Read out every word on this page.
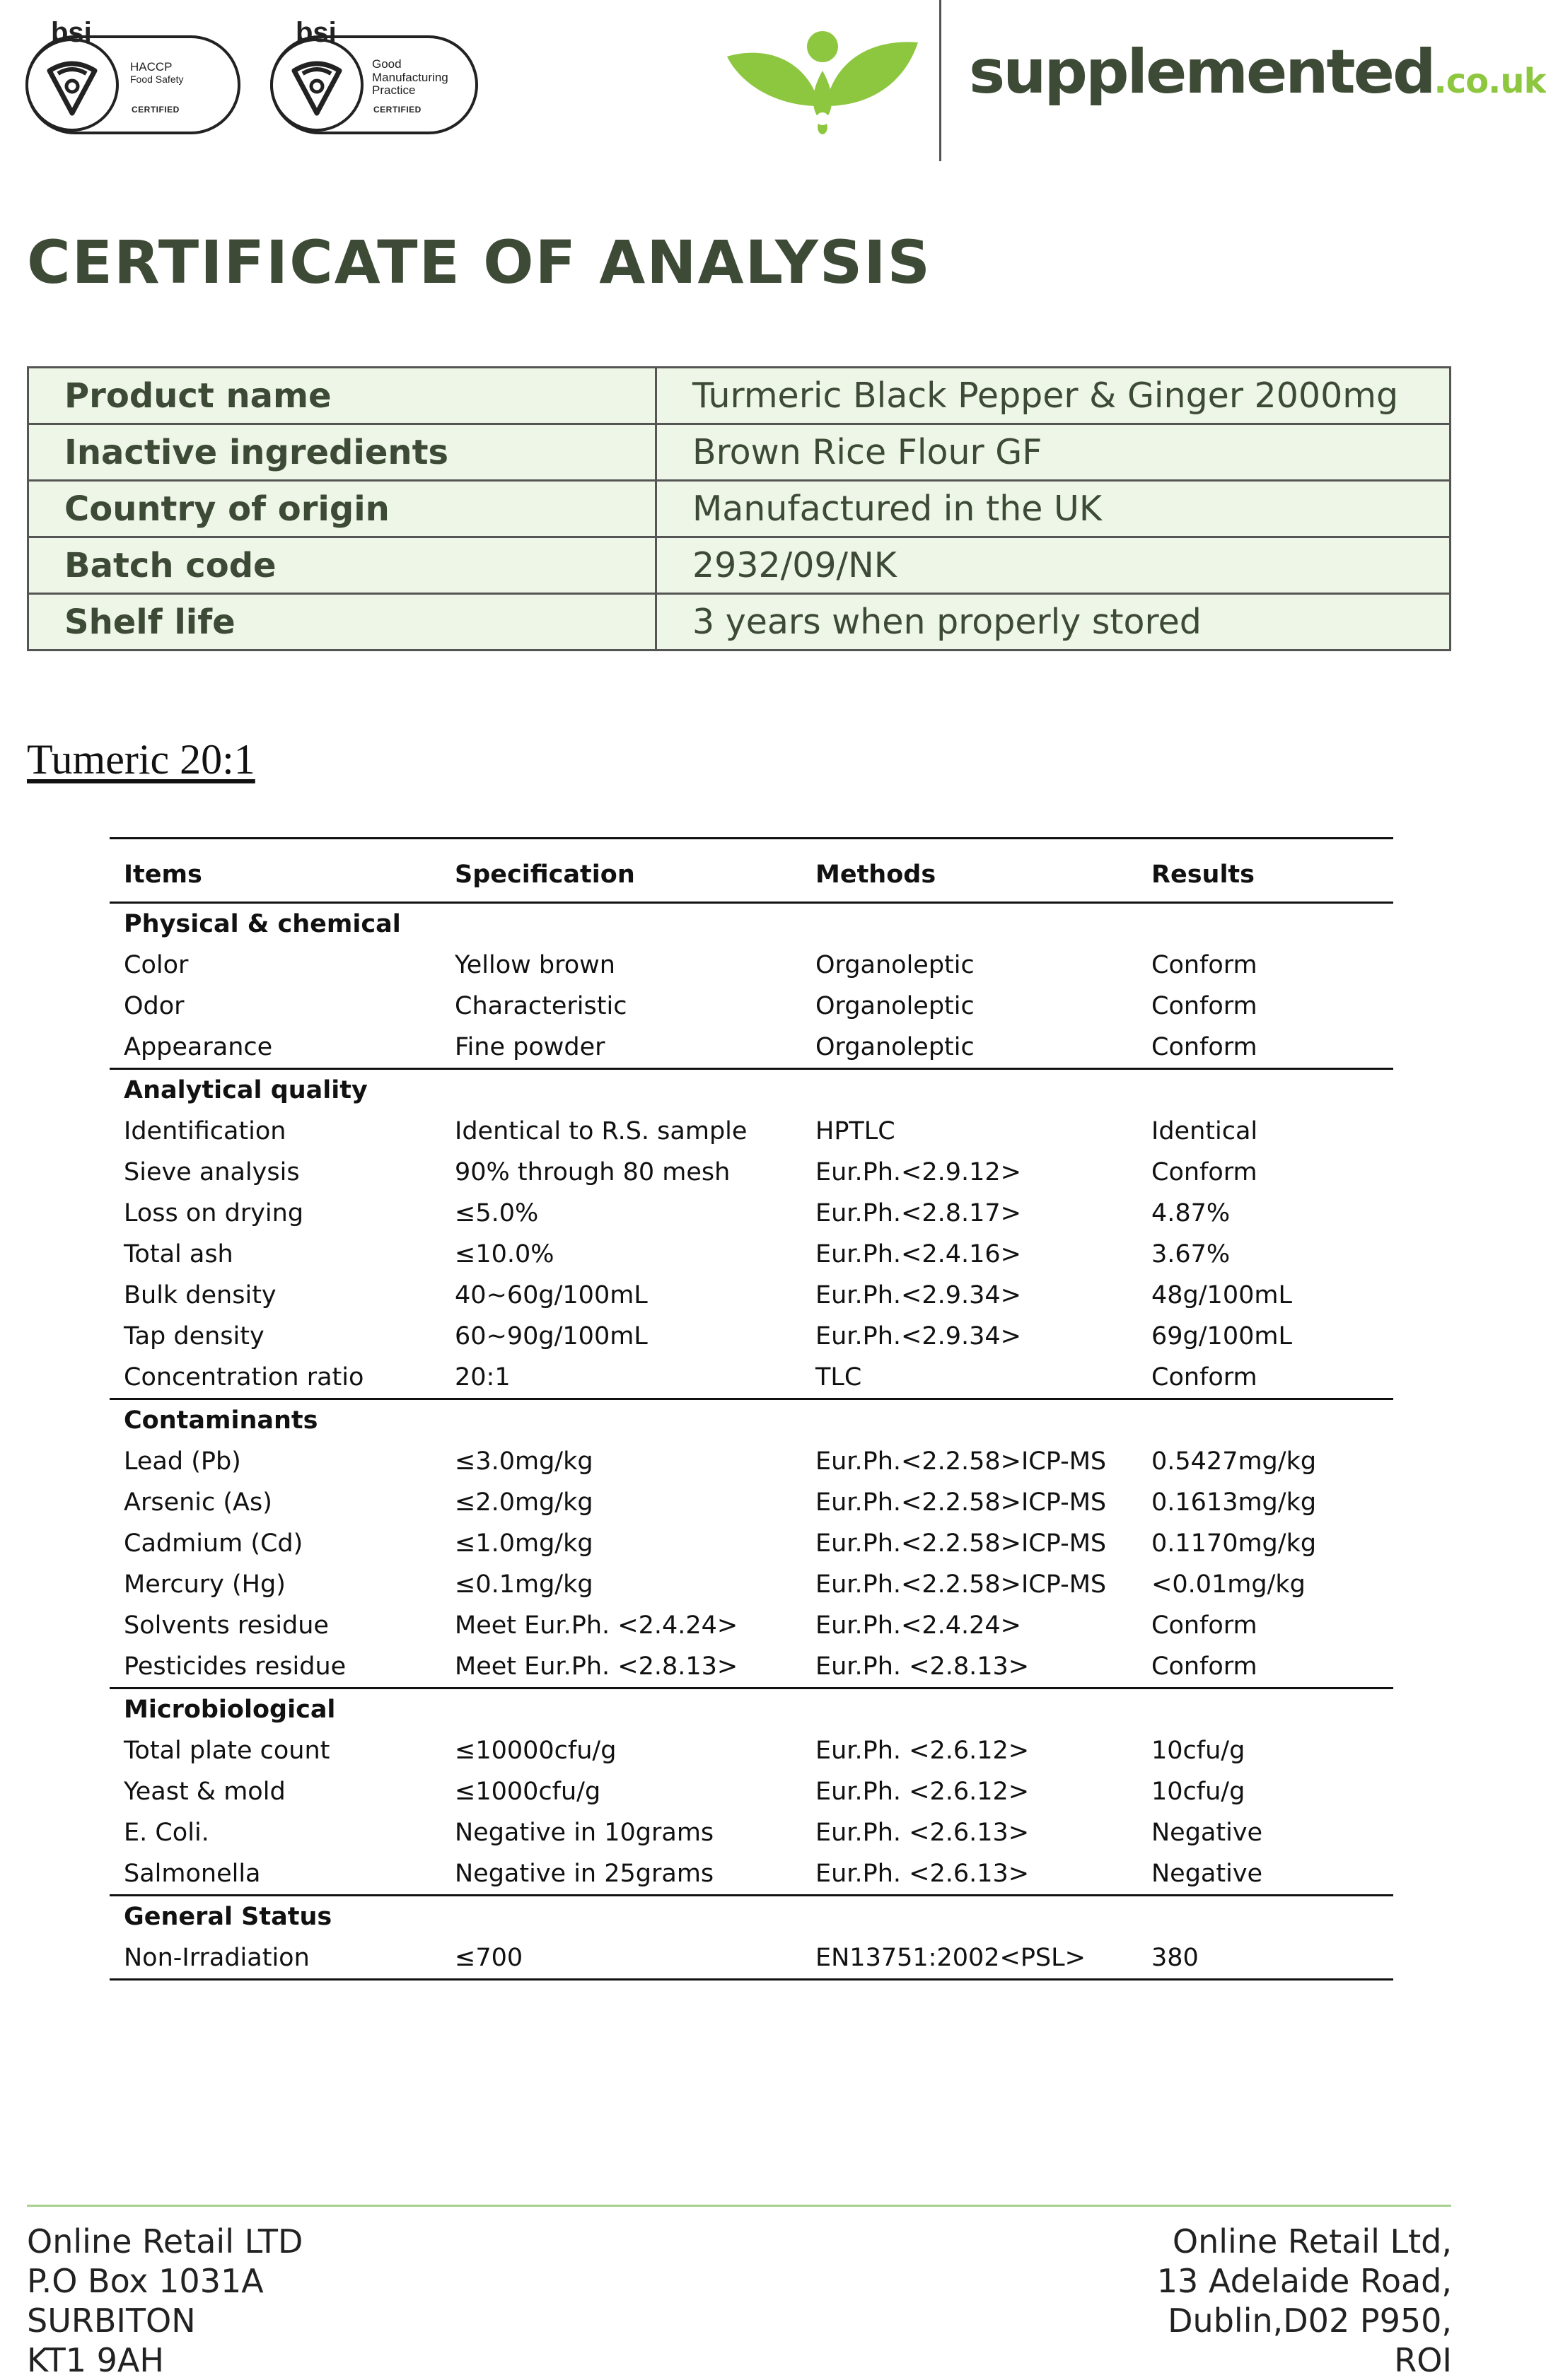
bsi
HACCP
Food Safety
CERTIFIED
bsi
Good
Manufacturing
Practice
CERTIFIED
supplemented.co.uk
CERTIFICATE OF ANALYSIS
Product name	Turmeric Black Pepper & Ginger 2000mg
Inactive ingredients	Brown Rice Flour GF
Country of origin	Manufactured in the UK
Batch code	2932/09/NK
Shelf life	3 years when properly stored
Tumeric 20:1
Items	Specification	Methods	Results
Physical & chemical			
Color	Yellow brown	Organoleptic	Conform
Odor	Characteristic	Organoleptic	Conform
Appearance	Fine powder	Organoleptic	Conform
Analytical quality			
Identification	Identical to R.S. sample	HPTLC	Identical
Sieve analysis	90% through 80 mesh	Eur.Ph.<2.9.12>	Conform
Loss on drying	≤5.0%	Eur.Ph.<2.8.17>	4.87%
Total ash	≤10.0%	Eur.Ph.<2.4.16>	3.67%
Bulk density	40~60g/100mL	Eur.Ph.<2.9.34>	48g/100mL
Tap density	60~90g/100mL	Eur.Ph.<2.9.34>	69g/100mL
Concentration ratio	20:1	TLC	Conform
Contaminants			
Lead (Pb)	≤3.0mg/kg	Eur.Ph.<2.2.58>ICP-MS	0.5427mg/kg
Arsenic (As)	≤2.0mg/kg	Eur.Ph.<2.2.58>ICP-MS	0.1613mg/kg
Cadmium (Cd)	≤1.0mg/kg	Eur.Ph.<2.2.58>ICP-MS	0.1170mg/kg
Mercury (Hg)	≤0.1mg/kg	Eur.Ph.<2.2.58>ICP-MS	<0.01mg/kg
Solvents residue	Meet Eur.Ph. <2.4.24>	Eur.Ph.<2.4.24>	Conform
Pesticides residue	Meet Eur.Ph. <2.8.13>	Eur.Ph. <2.8.13>	Conform
Microbiological			
Total plate count	≤10000cfu/g	Eur.Ph. <2.6.12>	10cfu/g
Yeast & mold	≤1000cfu/g	Eur.Ph. <2.6.12>	10cfu/g
E. Coli.	Negative in 10grams	Eur.Ph. <2.6.13>	Negative
Salmonella	Negative in 25grams	Eur.Ph. <2.6.13>	Negative
General Status			
Non-Irradiation	≤700	EN13751:2002<PSL>	380
Online Retail LTD
P.O Box 1031A
SURBITON
KT1 9AH
Online Retail Ltd,
13 Adelaide Road,
Dublin,D02 P950,
ROI
